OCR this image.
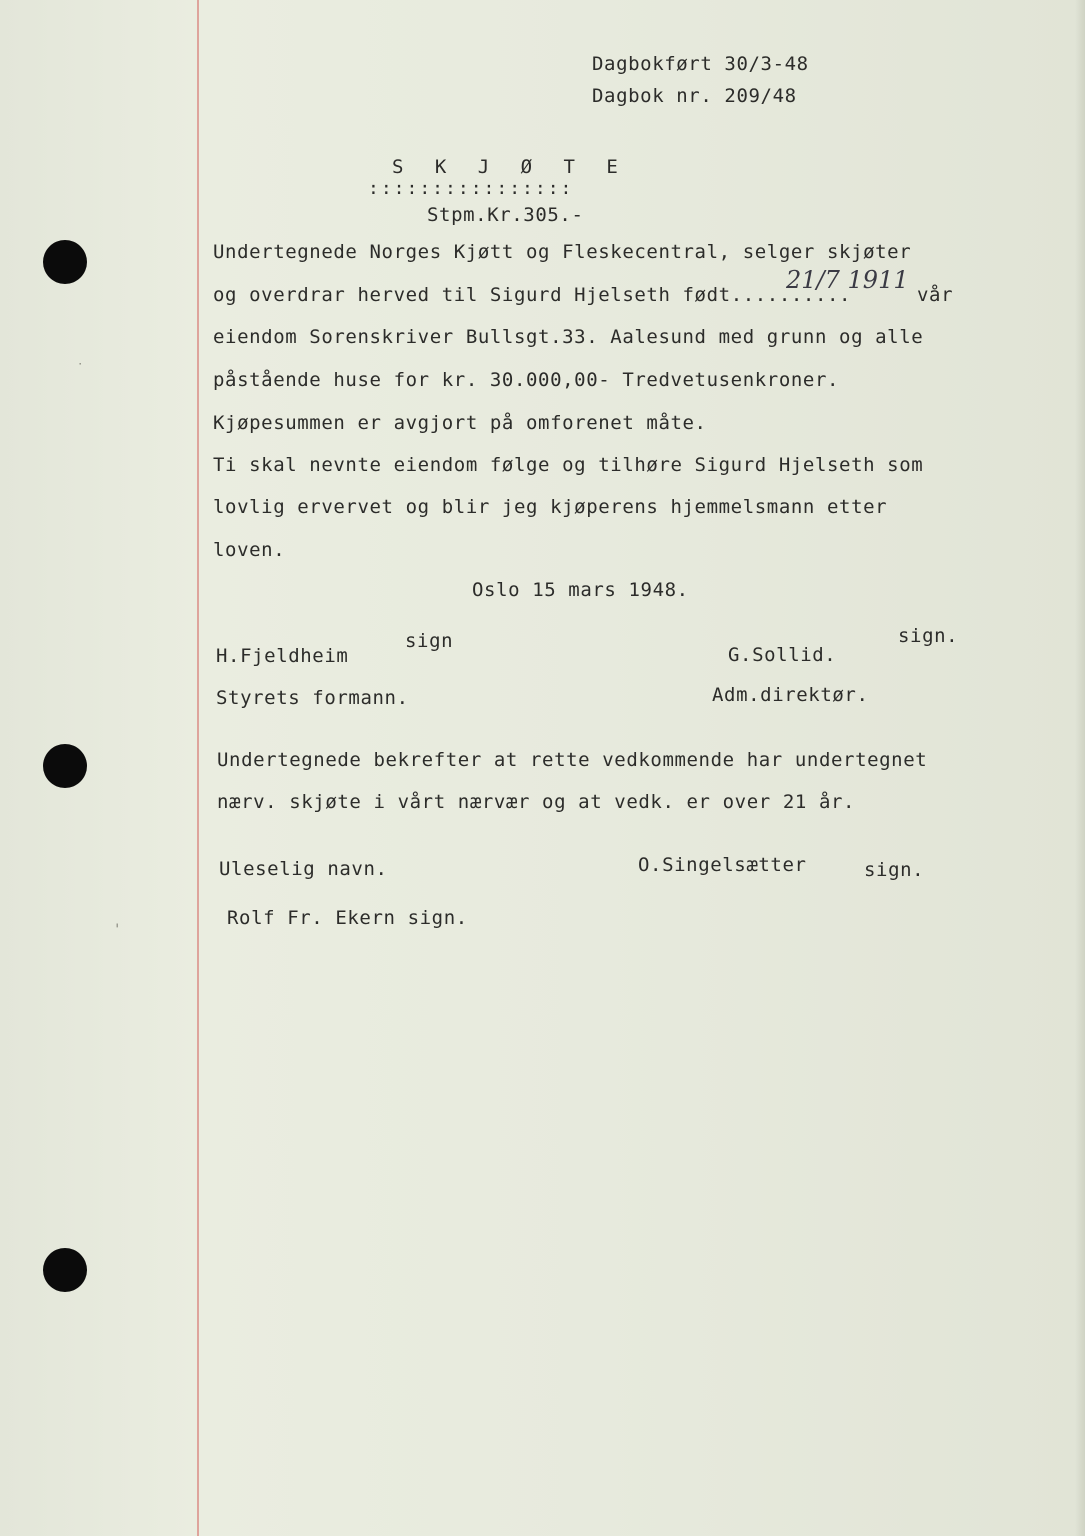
Dagbokført 30/3-48
Dagbok nr. 209/48
S K J Ø T E
::::::::::::::::
Stpm.Kr.305.-
Undertegnede Norges Kjøtt og Fleskecentral, selger skjøter
og overdrar herved til Sigurd Hjelseth født..........
21/7 1911
vår
eiendom Sorenskriver Bullsgt.33. Aalesund med grunn og alle
påstående huse for kr. 30.000,00- Tredvetusenkroner.
Kjøpesummen er avgjort på omforenet måte.
Ti skal nevnte eiendom følge og tilhøre Sigurd Hjelseth som
lovlig ervervet og blir jeg kjøperens hjemmelsmann etter
loven.
Oslo 15 mars 1948.
H.Fjeldheim
sign
G.Sollid.
sign.
Styrets formann.	Adm.direktør.
Undertegnede bekrefter at rette vedkommende har undertegnet
nærv. skjøte i vårt nærvær og at vedk. er over 21 år.
Uleselig navn.	O.Singelsætter	sign.
Rolf Fr. Ekern sign.
˙
'
